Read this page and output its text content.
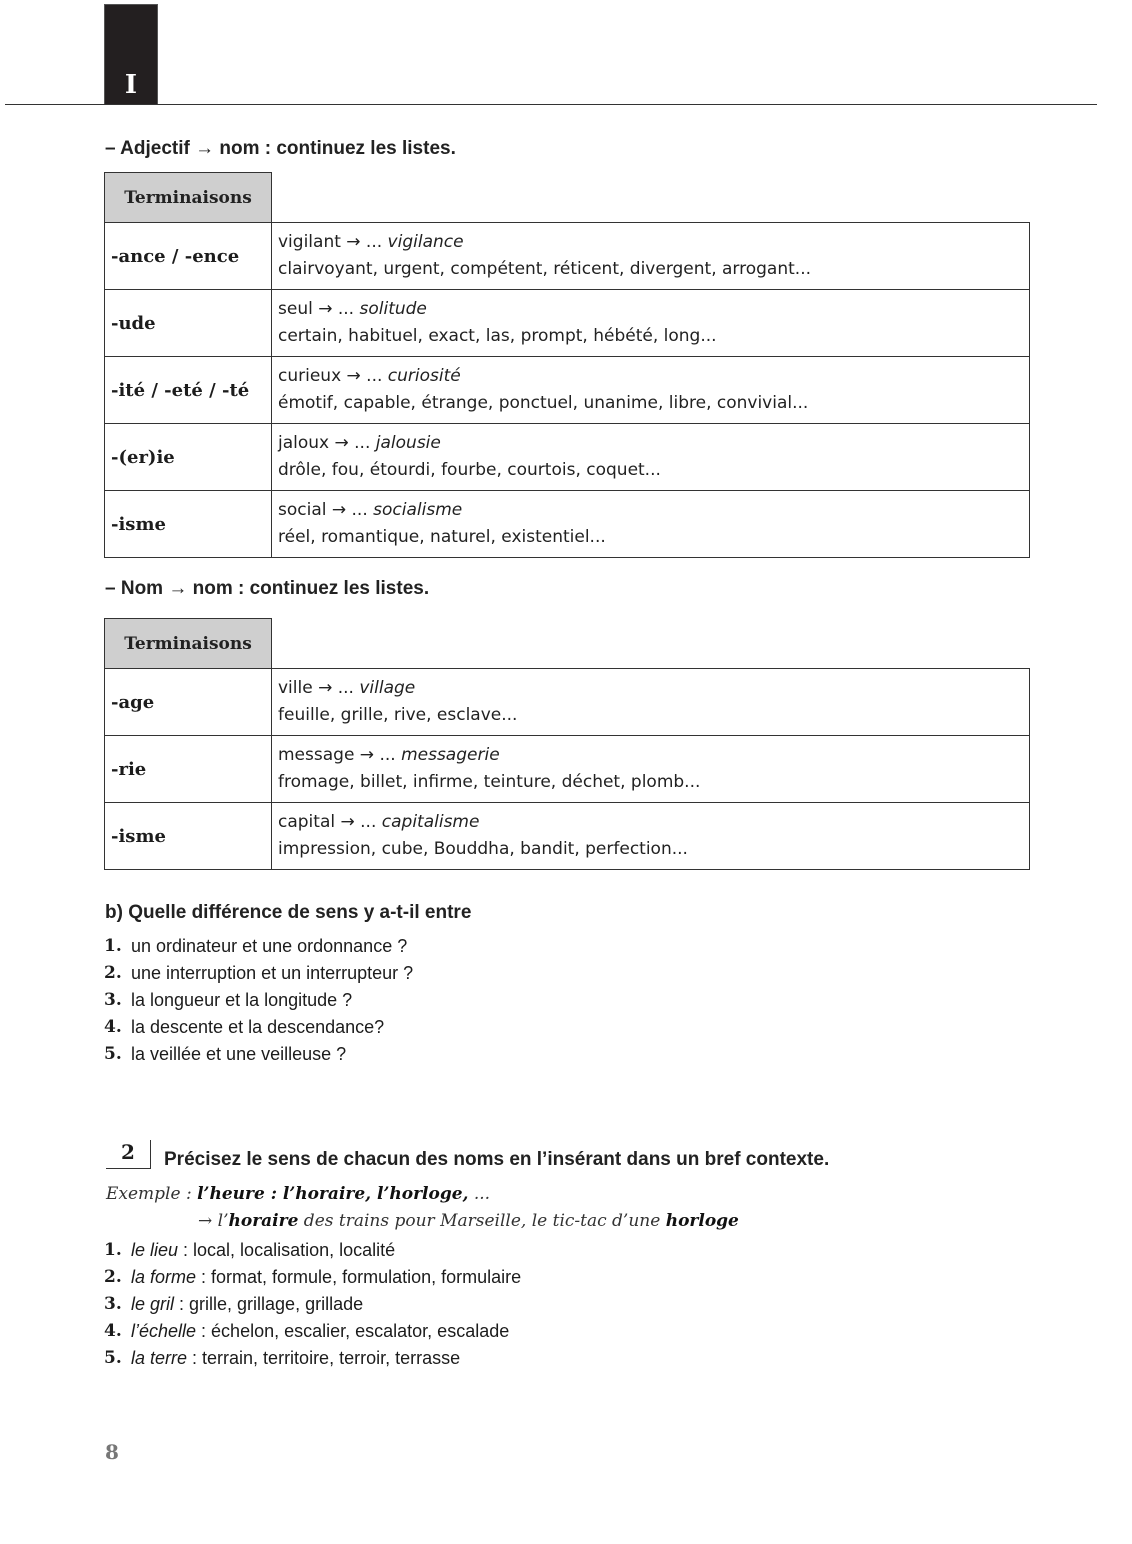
I
– Adjectif → nom : continuez les listes.
Terminaisons	
-ance / -ence	vigilant → ... vigilance
clairvoyant, urgent, compétent, réticent, divergent, arrogant...

-ude	seul → ... solitude
certain, habituel, exact, las, prompt, hébété, long...

-ité / -eté / -té	curieux → ... curiosité
émotif, capable, étrange, ponctuel, unanime, libre, convivial...

-(er)ie	jaloux → ... jalousie
drôle, fou, étourdi, fourbe, courtois, coquet...

-isme	social → ... socialisme
réel, romantique, naturel, existentiel...
– Nom → nom : continuez les listes.
Terminaisons	
-age	ville → ... village
feuille, grille, rive, esclave...

-rie	message → ... messagerie
fromage, billet, infirme, teinture, déchet, plomb...

-isme	capital → ... capitalisme
impression, cube, Bouddha, bandit, perfection...
b) Quelle différence de sens y a-t-il entre
1. un ordinateur et une ordonnance ?
2. une interruption et un interrupteur ?
3. la longueur et la longitude ?
4. la descente et la descendance?
5. la veillée et une veilleuse ?
2	Précisez le sens de chacun des noms en l’insérant dans un bref contexte.
Exemple : l’heure : l’horaire, l’horloge, ...
→ l’horaire des trains pour Marseille, le tic-tac d’une horloge
1. le lieu : local, localisation, localité
2. la forme : format, formule, formulation, formulaire
3. le gril : grille, grillage, grillade
4. l’échelle : échelon, escalier, escalator, escalade
5. la terre : terrain, territoire, terroir, terrasse
8
